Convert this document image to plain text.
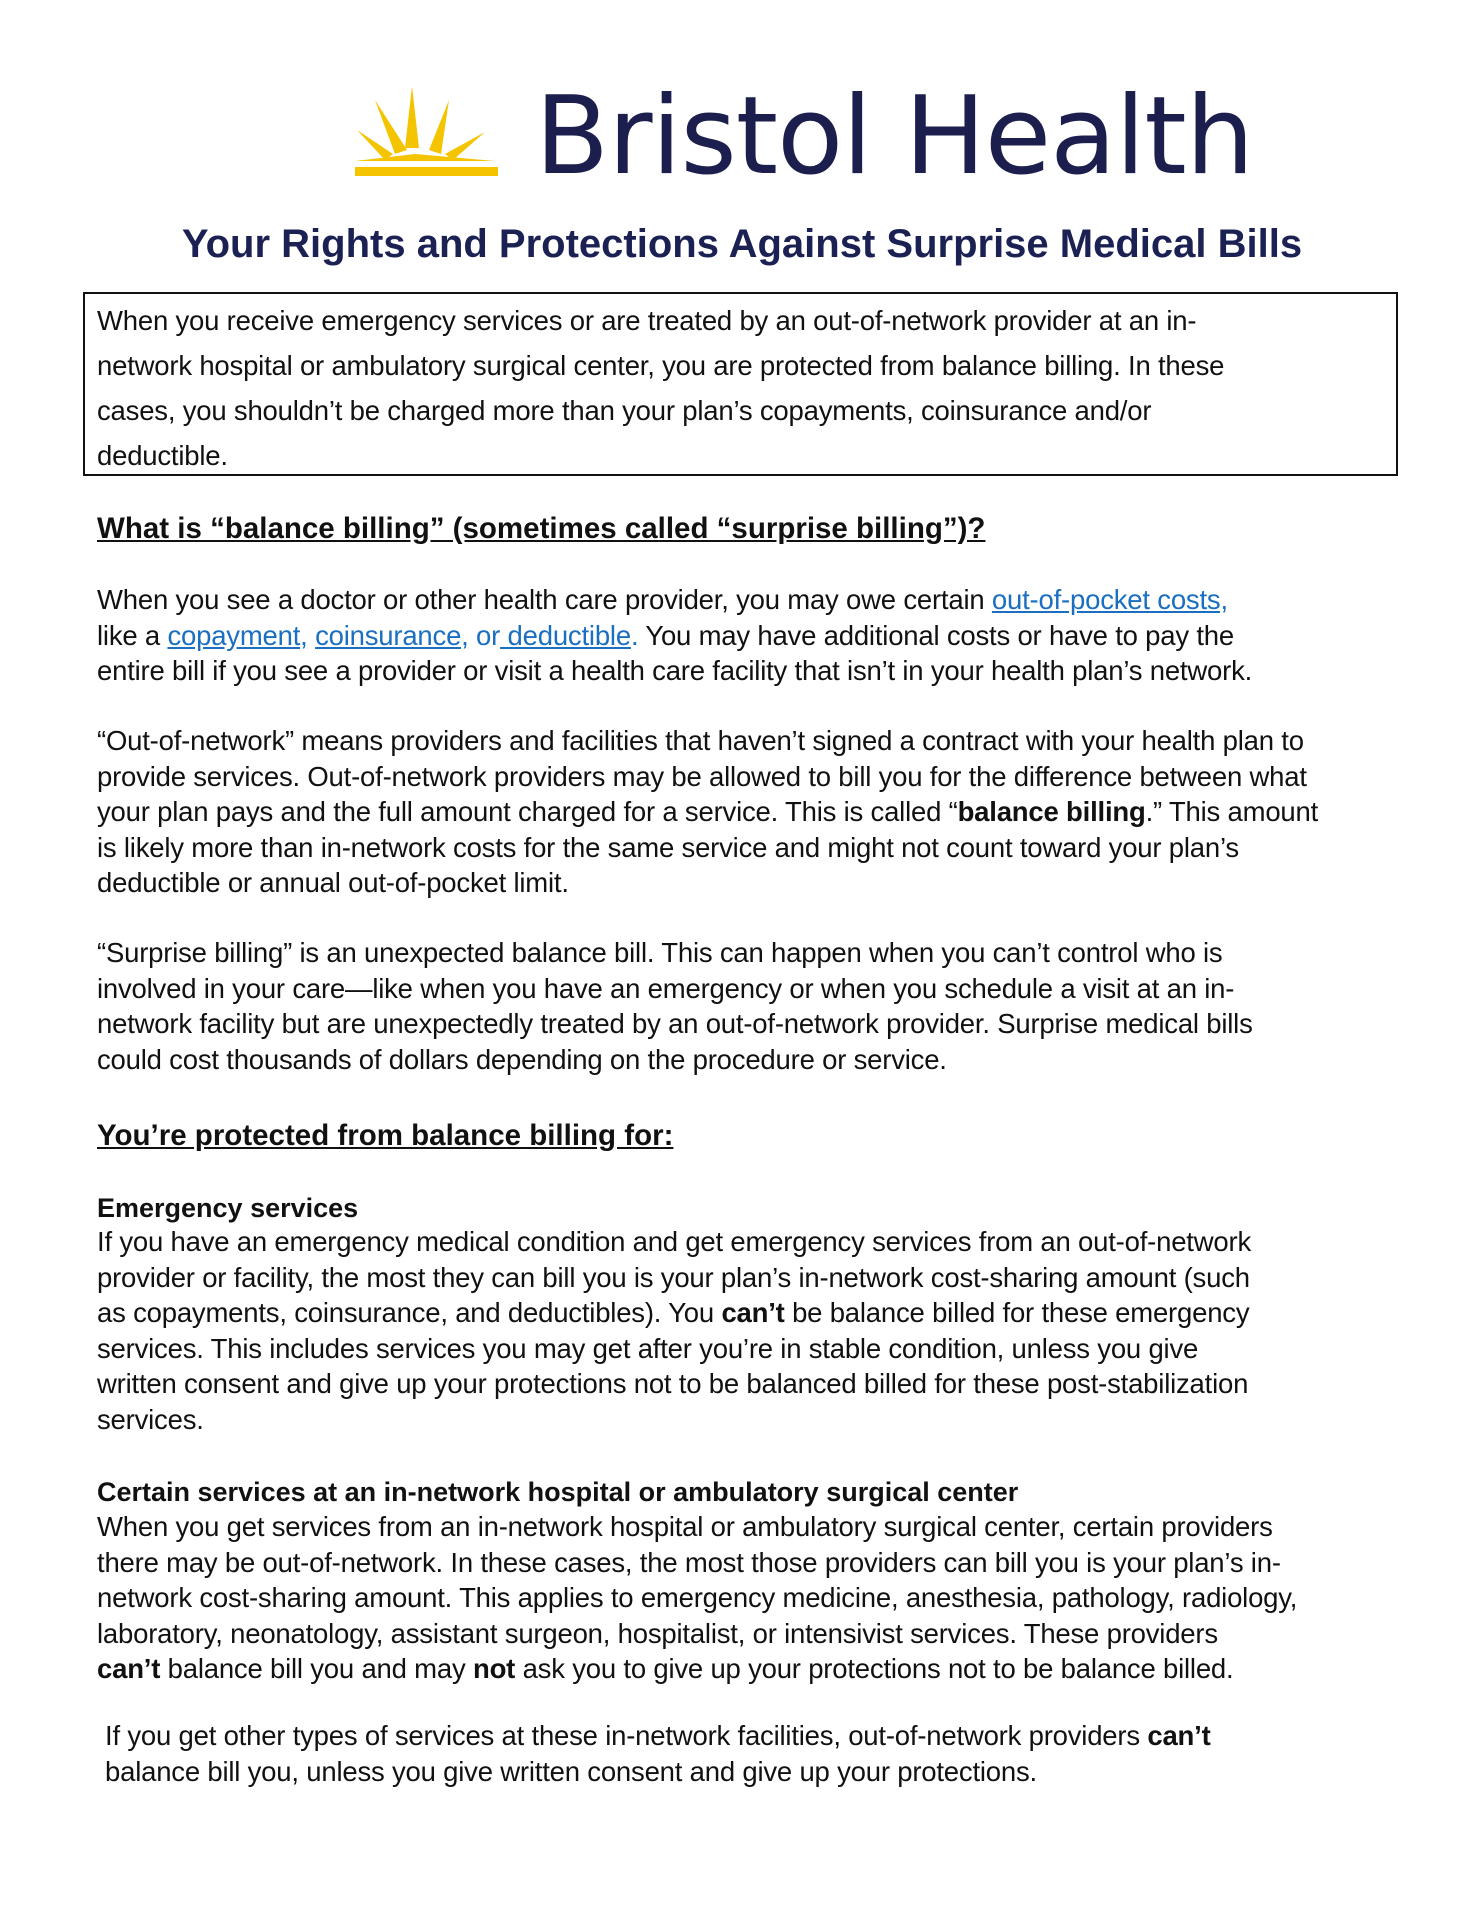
Bristol Health
Your Rights and Protections Against Surprise Medical Bills
When you receive emergency services or are treated by an out-of-network provider at an in-
network hospital or ambulatory surgical center, you are protected from balance billing. In these
cases, you shouldn’t be charged more than your plan’s copayments, coinsurance and/or
deductible.
What is “balance billing” (sometimes called “surprise billing”)?
When you see a doctor or other health care provider, you may owe certain out-of-pocket costs,
like a copayment, coinsurance, or deductible. You may have additional costs or have to pay the
entire bill if you see a provider or visit a health care facility that isn’t in your health plan’s network.
“Out-of-network” means providers and facilities that haven’t signed a contract with your health plan to
provide services. Out-of-network providers may be allowed to bill you for the difference between what
your plan pays and the full amount charged for a service. This is called “balance billing.” This amount
is likely more than in-network costs for the same service and might not count toward your plan’s
deductible or annual out-of-pocket limit.
“Surprise billing” is an unexpected balance bill. This can happen when you can’t control who is
involved in your care—like when you have an emergency or when you schedule a visit at an in-
network facility but are unexpectedly treated by an out-of-network provider. Surprise medical bills
could cost thousands of dollars depending on the procedure or service.
You’re protected from balance billing for:
Emergency services
If you have an emergency medical condition and get emergency services from an out-of-network
provider or facility, the most they can bill you is your plan’s in-network cost-sharing amount (such
as copayments, coinsurance, and deductibles). You can’t be balance billed for these emergency
services. This includes services you may get after you’re in stable condition, unless you give
written consent and give up your protections not to be balanced billed for these post-stabilization
services.
Certain services at an in-network hospital or ambulatory surgical center
When you get services from an in-network hospital or ambulatory surgical center, certain providers
there may be out-of-network. In these cases, the most those providers can bill you is your plan’s in-
network cost-sharing amount. This applies to emergency medicine, anesthesia, pathology, radiology,
laboratory, neonatology, assistant surgeon, hospitalist, or intensivist services. These providers
can’t balance bill you and may not ask you to give up your protections not to be balance billed.
If you get other types of services at these in-network facilities, out-of-network providers can’t
balance bill you, unless you give written consent and give up your protections.
